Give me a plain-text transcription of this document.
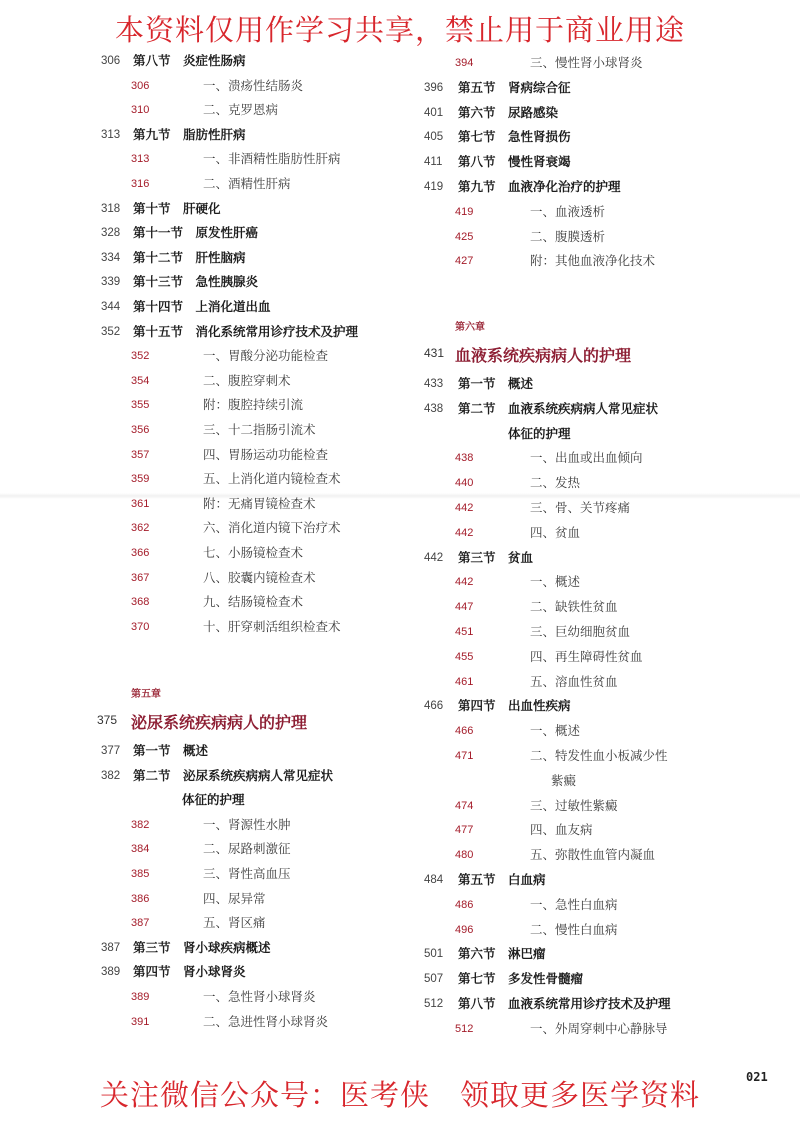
本资料仅用作学习共享，禁止用于商业用途
关注微信公众号：医考侠　领取更多医学资料
021
306 第八节　炎症性肠病
306	一、溃疡性结肠炎
310	二、克罗恩病
313 第九节　脂肪性肝病
313	一、非酒精性脂肪性肝病
316	二、酒精性肝病
318 第十节　肝硬化
328 第十一节　原发性肝癌
334 第十二节　肝性脑病
339 第十三节　急性胰腺炎
344 第十四节　上消化道出血
352 第十五节　消化系统常用诊疗技术及护理
352	一、胃酸分泌功能检查
354	二、腹腔穿刺术
355	附：腹腔持续引流
356	三、十二指肠引流术
357	四、胃肠运动功能检查
359	五、上消化道内镜检查术
361	附：无痛胃镜检查术
362	六、消化道内镜下治疗术
366	七、小肠镜检查术
367	八、胶囊内镜检查术
368	九、结肠镜检查术
370	十、肝穿刺活组织检查术
第五章
375 泌尿系统疾病病人的护理
377 第一节　概述
382 第二节　泌尿系统疾病病人常见症状
体征的护理
382	一、肾源性水肿
384	二、尿路刺激征
385	三、肾性高血压
386	四、尿异常
387	五、肾区痛
387 第三节　肾小球疾病概述
389 第四节　肾小球肾炎
389	一、急性肾小球肾炎
391	二、急进性肾小球肾炎
394	三、慢性肾小球肾炎
396 第五节　肾病综合征
401 第六节　尿路感染
405 第七节　急性肾损伤
411 第八节　慢性肾衰竭
419 第九节　血液净化治疗的护理
419	一、血液透析
425	二、腹膜透析
427	附：其他血液净化技术
第六章
431 血液系统疾病病人的护理
433 第一节　概述
438 第二节　血液系统疾病病人常见症状
体征的护理
438	一、出血或出血倾向
440	二、发热
442	三、骨、关节疼痛
442	四、贫血
442 第三节　贫血
442	一、概述
447	二、缺铁性贫血
451	三、巨幼细胞贫血
455	四、再生障碍性贫血
461	五、溶血性贫血
466 第四节　出血性疾病
466	一、概述
471	二、特发性血小板减少性
紫癜
474	三、过敏性紫癜
477	四、血友病
480	五、弥散性血管内凝血
484 第五节　白血病
486	一、急性白血病
496	二、慢性白血病
501 第六节　淋巴瘤
507 第七节　多发性骨髓瘤
512 第八节　血液系统常用诊疗技术及护理
512	一、外周穿刺中心静脉导
